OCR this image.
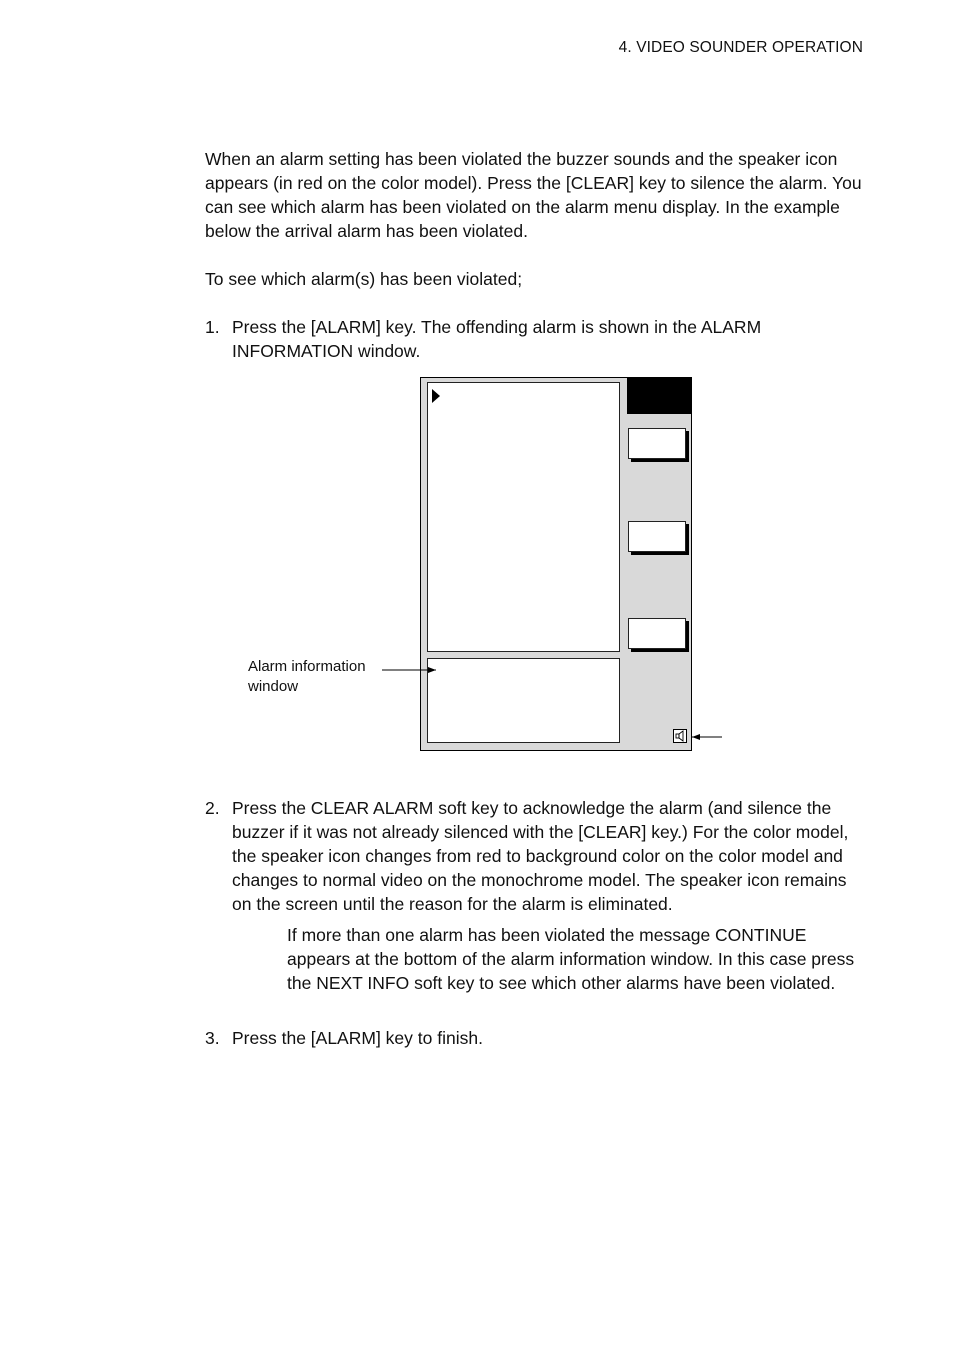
4. VIDEO SOUNDER OPERATION

When an alarm setting has been violated the buzzer sounds and the speaker icon appears (in red on the color model). Press the [CLEAR] key to silence the alarm. You can see which alarm has been violated on the alarm menu display. In the example below the arrival alarm has been violated.

To see which alarm(s) has been violated;

1. Press the [ALARM] key. The offending alarm is shown in the ALARM INFORMATION window.
Alarm information window
2. Press the CLEAR ALARM soft key to acknowledge the alarm (and silence the buzzer if it was not already silenced with the [CLEAR] key.) For the color model, the speaker icon changes from red to background color on the color model and changes to normal video on the monochrome model. The speaker icon remains on the screen until the reason for the alarm is eliminated.

If more than one alarm has been violated the message CONTINUE appears at the bottom of the alarm information window. In this case press the NEXT INFO soft key to see which other alarms have been violated.

3. Press the [ALARM] key to finish.
